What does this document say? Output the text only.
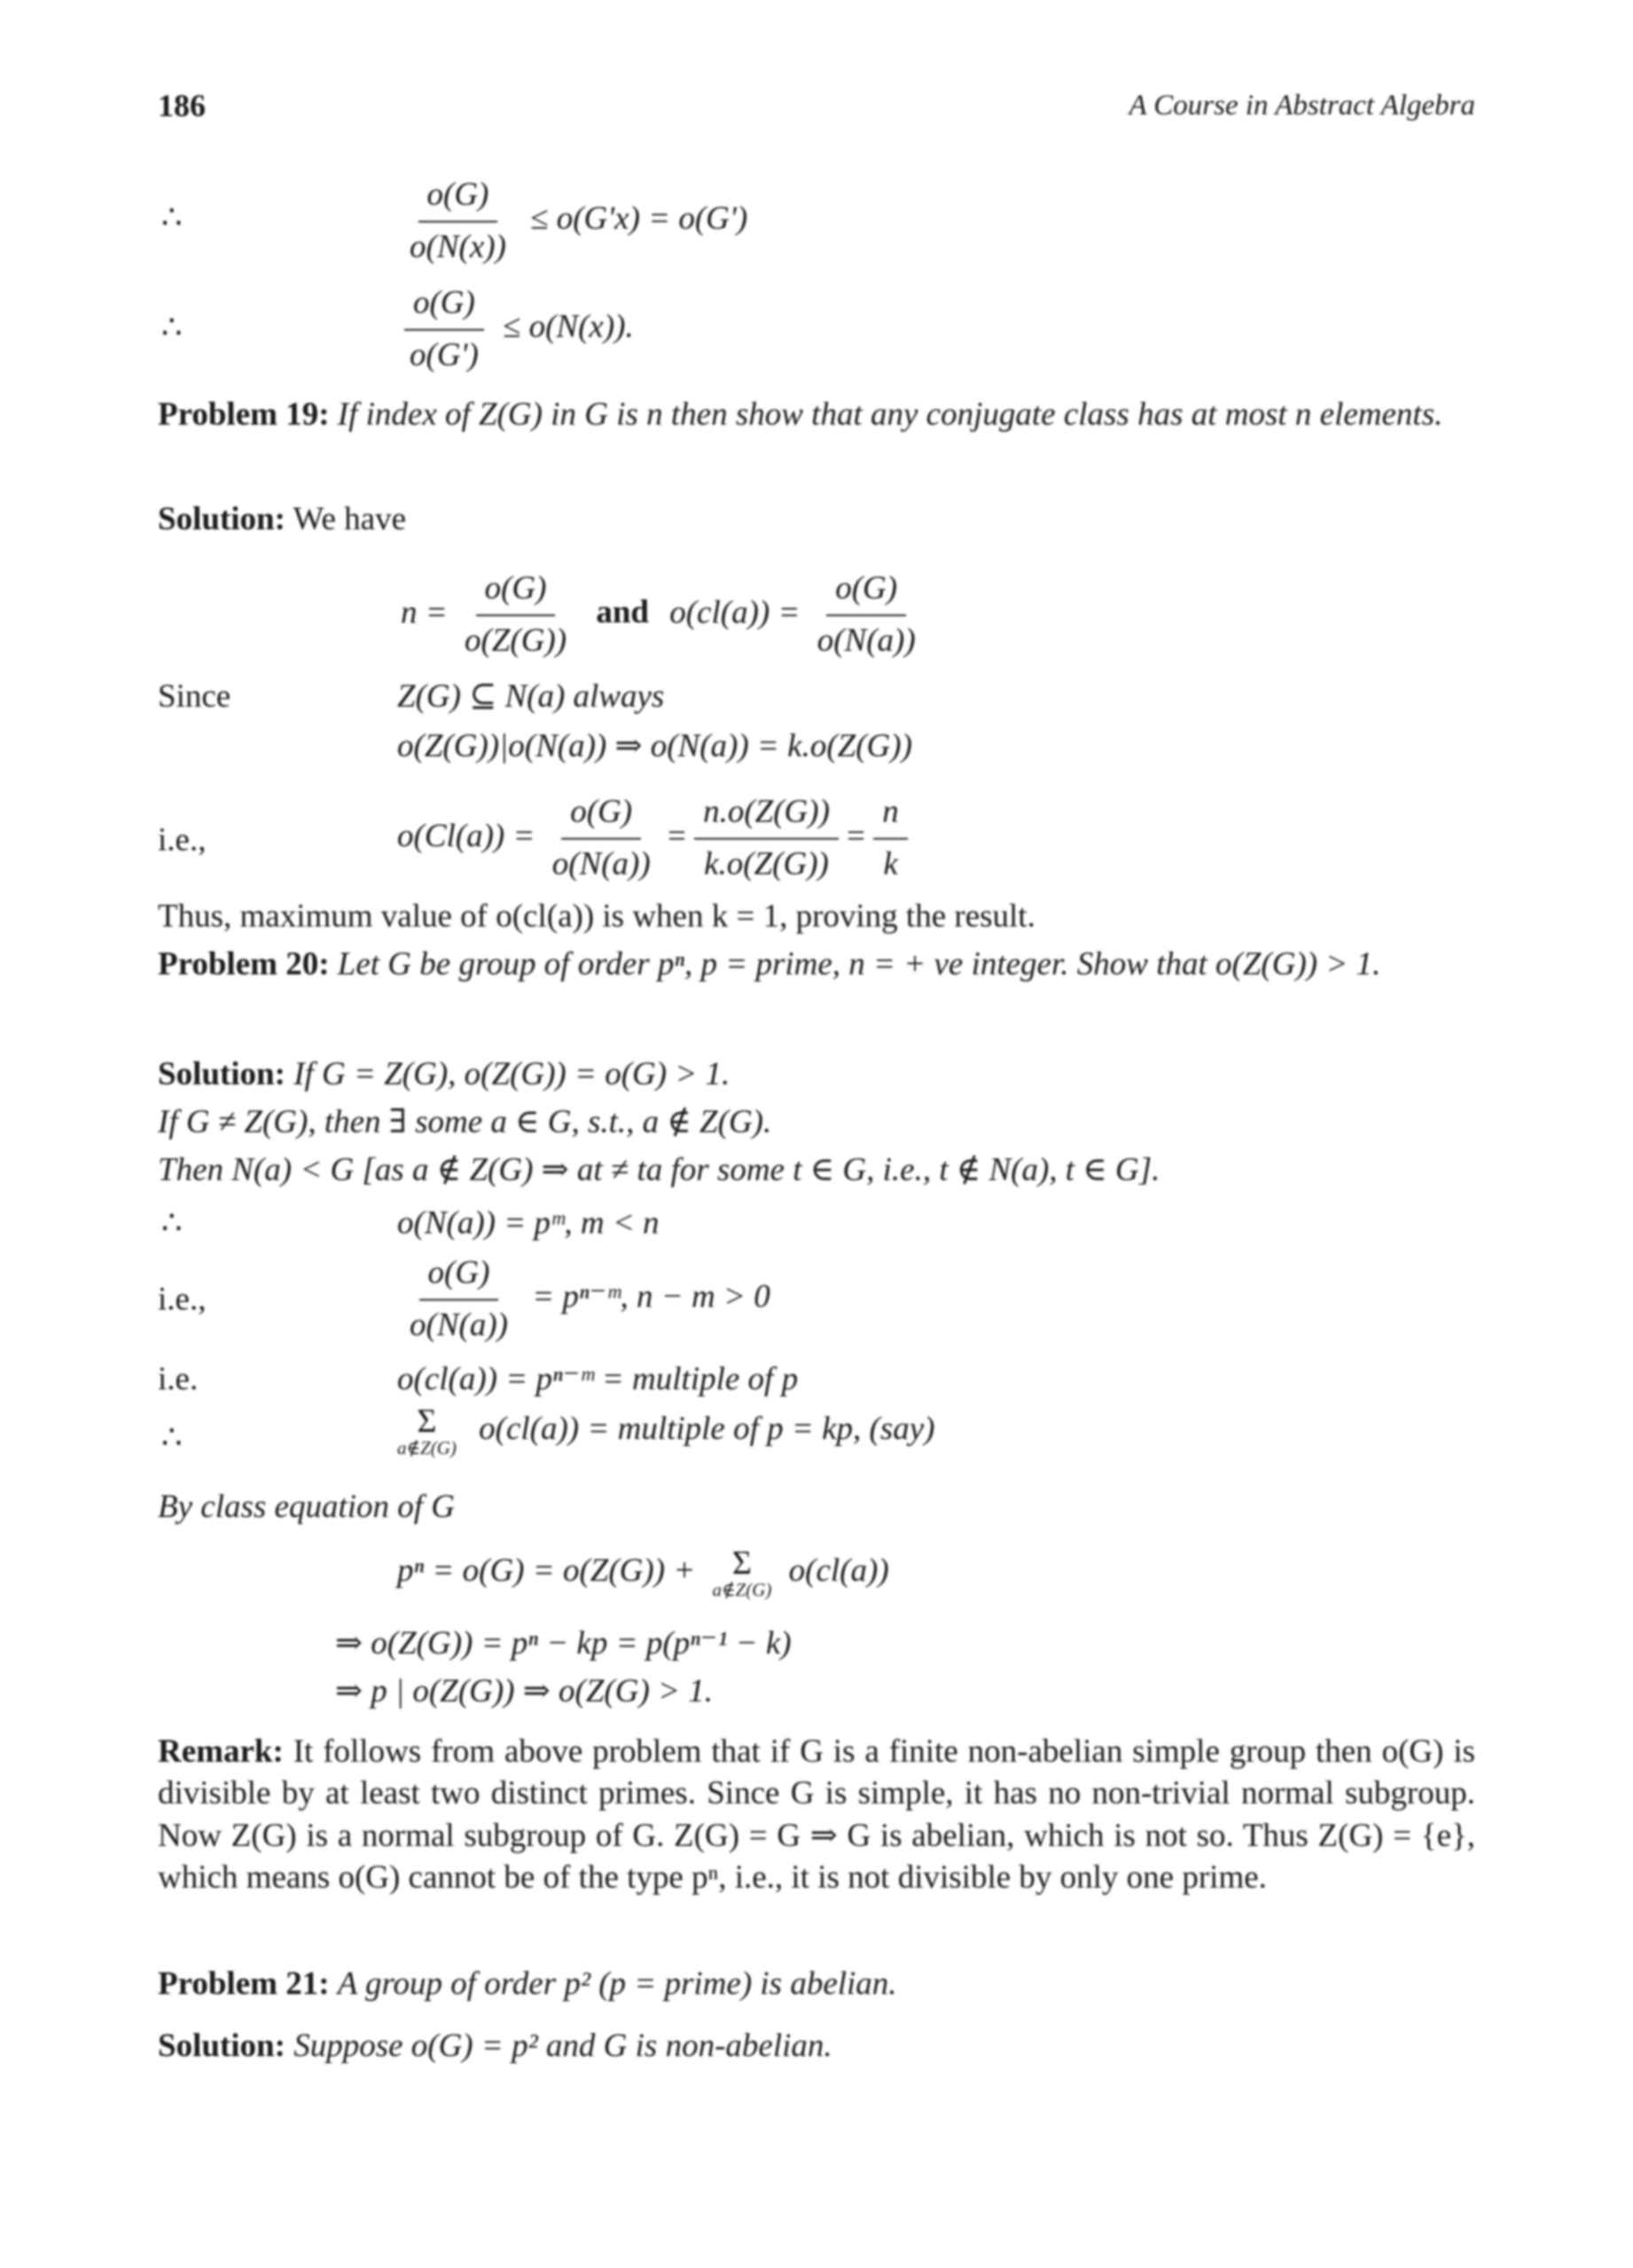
186	A Course in Abstract Algebra
∴	$\frac{o(G)}{o(N(x))}$ ≤ o(Gʹx) = o(Gʹ)
∴	$\frac{o(G)}{\text{o(Gʹ)}} \le o(N(x))$.
Problem 19: If index of Z(G) in G is n then show that any conjugate class has at most n elements.
Solution: We have
$n = \frac{o(G)}{o(Z(G))}$ and $o(cl(a)) = \frac{o(G)}{o(N(a))}$
Since	Z(G) ⊆ N(a) always
o(Z(G))|o(N(a)) ⇒ o(N(a)) = k.o(Z(G))
i.e.,	$o(Cl(a)) = \frac{o(G)}{o(N(a))} = \frac{n.o(Z(G))}{k.o(Z(G))} = \frac{n}{k}$
Thus, maximum value of o(cl(a)) is when k = 1, proving the result.
Problem 20: Let G be group of order pⁿ, p = prime, n = + ve integer. Show that o(Z(G)) > 1.
Solution: If G = Z(G), o(Z(G)) = o(G) > 1.
If G ≠ Z(G), then ∃ some a ∈ G, s.t., a ∉ Z(G).
Then N(a) < G [as a ∉ Z(G) ⇒ at ≠ ta for some t ∈ G, i.e., t ∉ N(a), t ∈ G].
∴	o(N(a)) = pᵐ, m < n
i.e.,	$\frac{o(G)}{o(N(a))}$ = pⁿ⁻ᵐ, n − m > 0
i.e.	o(cl(a)) = pⁿ⁻ᵐ = multiple of p
∴	Σ
a∉Z(G)
o(cl(a)) = multiple of p = kp, (say)
By class equation of G
pⁿ = o(G) = o(Z(G)) + Σ
a∉Z(G)
o(cl(a))
⇒ o(Z(G)) = pⁿ − kp = p(pⁿ⁻¹ − k)
⇒ p | o(Z(G)) ⇒ o(Z(G) > 1.
Remark: It follows from above problem that if G is a finite non-abelian simple group then o(G) is divisible by at least two distinct primes. Since G is simple, it has no non-trivial normal subgroup. Now Z(G) is a normal subgroup of G. Z(G) = G ⇒ G is abelian, which is not so. Thus Z(G) = {e}, which means o(G) cannot be of the type pⁿ, i.e., it is not divisible by only one prime.
Problem 21: A group of order p² (p = prime) is abelian.
Solution: Suppose o(G) = p² and G is non-abelian.
